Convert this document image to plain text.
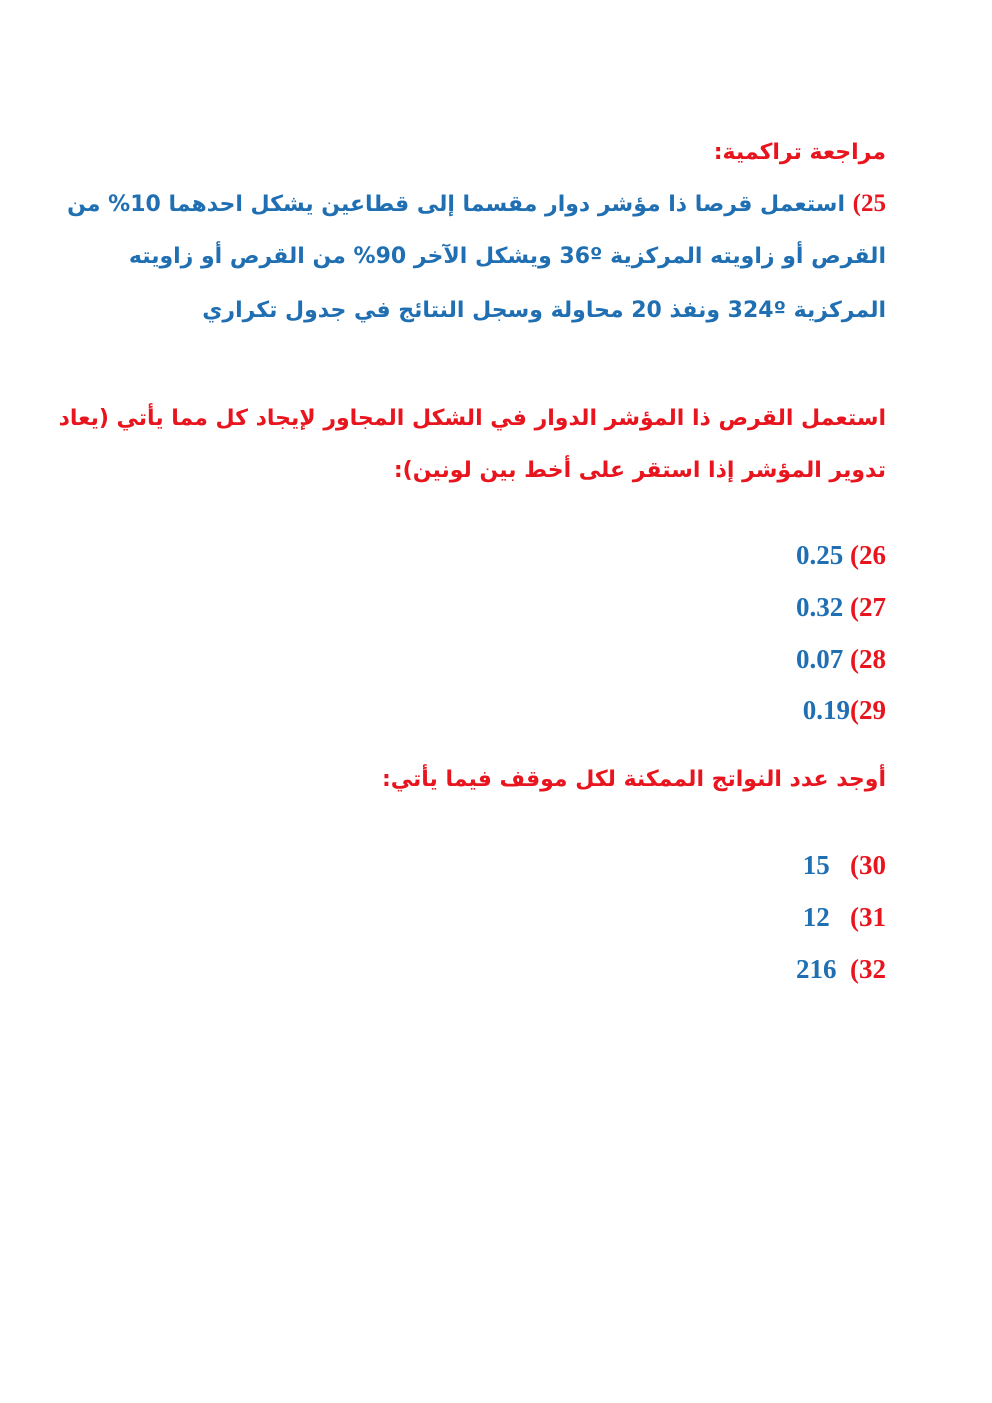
مراجعة تراكمية:
25) استعمل قرصا ذا مؤشر دوار مقسما إلى قطاعين يشكل احدهما 10% من
القرص أو زاويته المركزية 36º ويشكل الآخر 90% من القرص أو زاويته
المركزية 324º ونفذ 20 محاولة وسجل النتائج في جدول تكراري
استعمل القرص ذا المؤشر الدوار في الشكل المجاور لإيجاد كل مما يأتي (يعاد
تدوير المؤشر إذا استقر على أخط بين لونين):

0.25 (26

0.32 (27

0.07 (28

0.19(29

أوجد عدد النواتج الممكنة لكل موقف فيما يأتي:

15   (30

12   (31

216  (32
